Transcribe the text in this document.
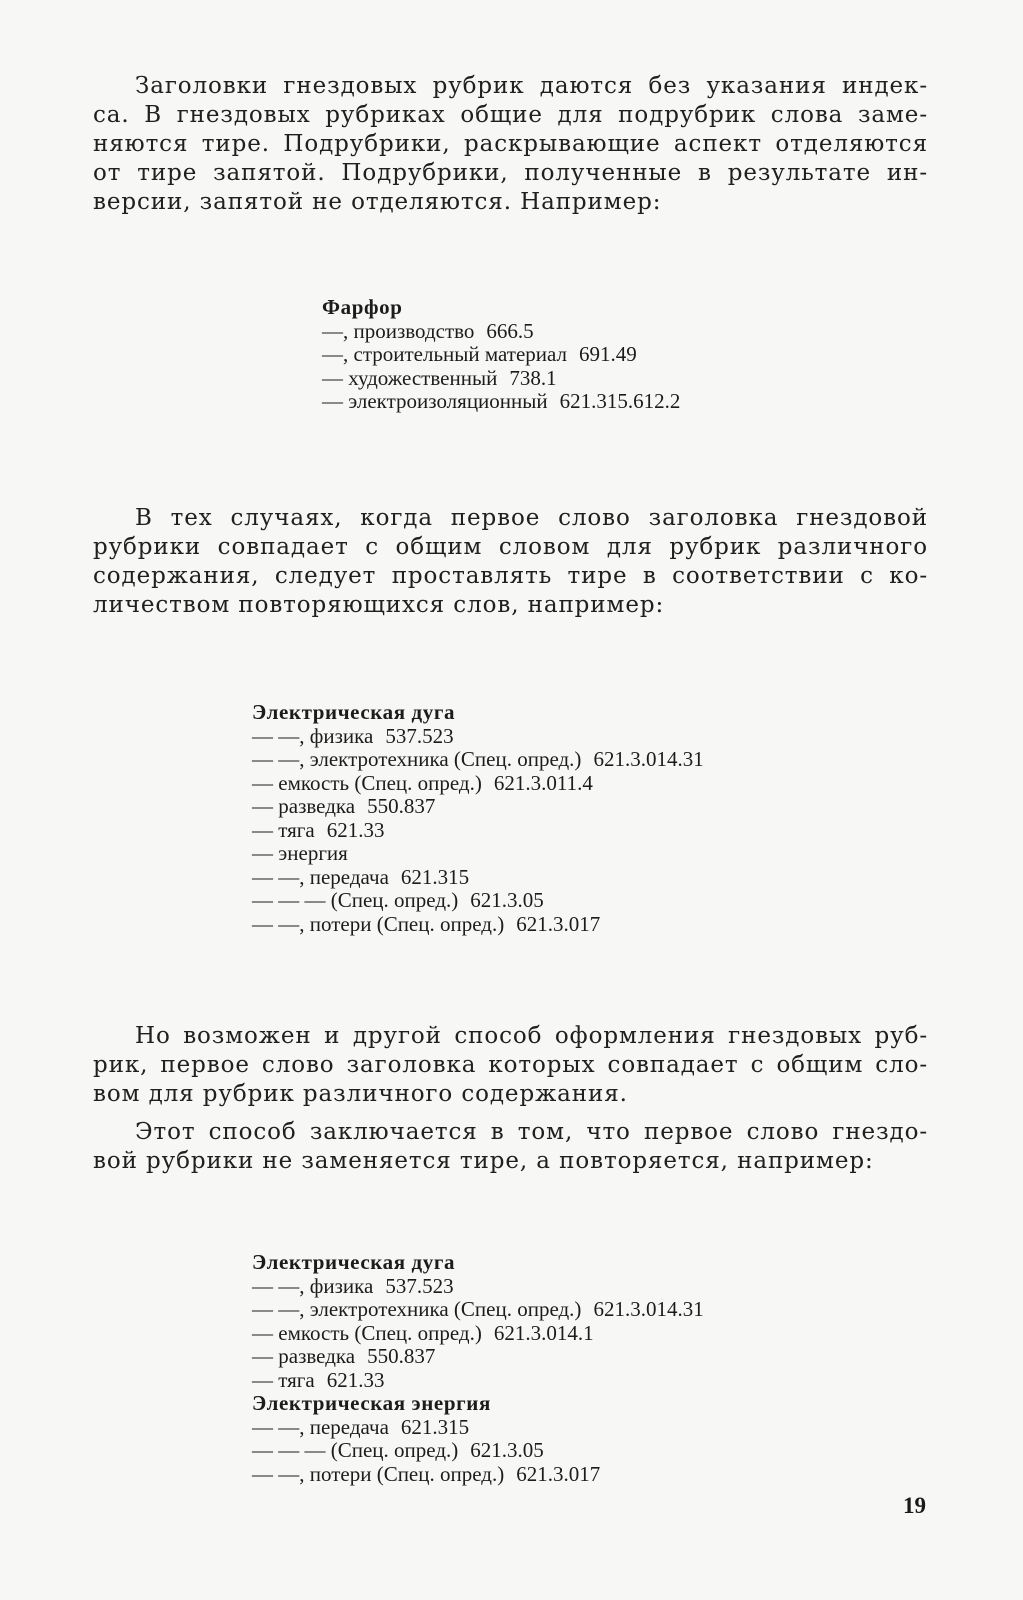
Заголовки гнездовых рубрик даются без указания индек-
са. В гнездовых рубриках общие для подрубрик слова заме-
няются тире. Подрубрики, раскрывающие аспект отделяются
от тире запятой. Подрубрики, полученные в результате ин-
версии, запятой не отделяются. Например:
Фарфор
—, производство 666.5
—, строительный материал 691.49
— художественный 738.1
— электроизоляционный 621.315.612.2
В тех случаях, когда первое слово заголовка гнездовой
рубрики совпадает с общим словом для рубрик различного
содержания, следует проставлять тире в соответствии с ко-
личеством повторяющихся слов, например:
Электрическая дуга
— —, физика 537.523
— —, электротехника (Спец. опред.) 621.3.014.31
— емкость (Спец. опред.) 621.3.011.4
— разведка 550.837
— тяга 621.33
— энергия
— —, передача 621.315
— — — (Спец. опред.) 621.3.05
— —, потери (Спец. опред.) 621.3.017
Но возможен и другой способ оформления гнездовых руб-
рик, первое слово заголовка которых совпадает с общим сло-
вом для рубрик различного содержания.
Этот способ заключается в том, что первое слово гнездо-
вой рубрики не заменяется тире, а повторяется, например:
Электрическая дуга
— —, физика 537.523
— —, электротехника (Спец. опред.) 621.3.014.31
— емкость (Спец. опред.) 621.3.014.1
— разведка 550.837
— тяга 621.33
Электрическая энергия
— —, передача 621.315
— — — (Спец. опред.) 621.3.05
— —, потери (Спец. опред.) 621.3.017
19
